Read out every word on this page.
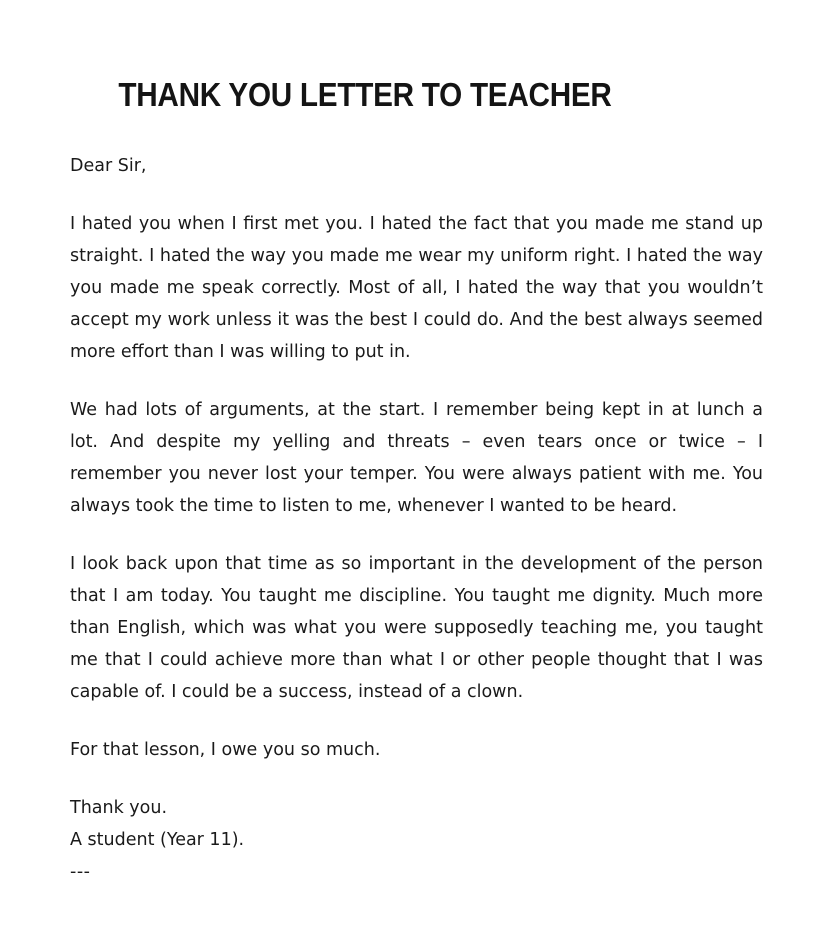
THANK YOU LETTER TO TEACHER

Dear Sir,

I hated you when I first met you. I hated the fact that you made me stand up straight. I hated the way you made me wear my uniform right. I hated the way you made me speak correctly. Most of all, I hated the way that you wouldn’t accept my work unless it was the best I could do. And the best always seemed more effort than I was willing to put in.

We had lots of arguments, at the start. I remember being kept in at lunch a lot. And despite my yelling and threats – even tears once or twice – I remember you never lost your temper. You were always patient with me. You always took the time to listen to me, whenever I wanted to be heard.

I look back upon that time as so important in the development of the person that I am today. You taught me discipline. You taught me dignity. Much more than English, which was what you were supposedly teaching me, you taught me that I could achieve more than what I or other people thought that I was capable of. I could be a success, instead of a clown.

For that lesson, I owe you so much.

Thank you.

A student (Year 11).

---
